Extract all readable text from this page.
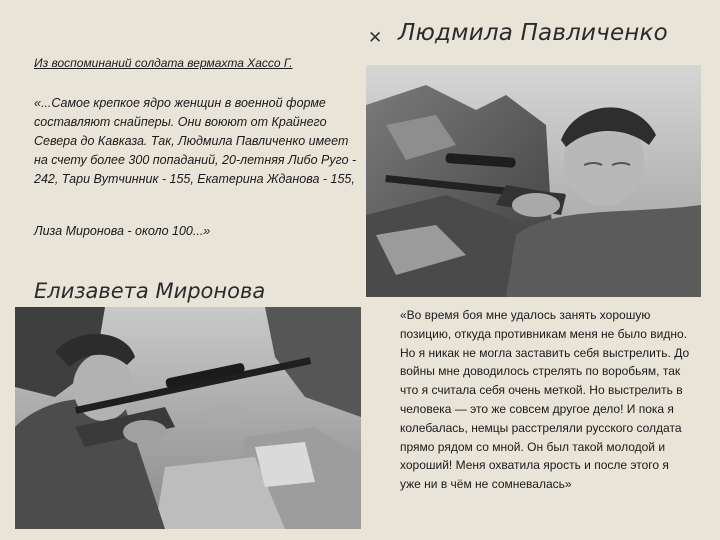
✕ Людмила Павличенко
Из воспоминаний солдата вермахта Хассо Г.
«...Самое крепкое ядро женщин в военной форме составляют снайперы. Они воюют от Крайнего Севера до Кавказа. Так, Людмила Павличенко имеет на счету более 300 попаданий, 20-летняя Либо Руго - 242, Тари Вутчинник - 155, Екатерина Жданова - 155,
Лиза Миронова - около 100...»
Елизавета Миронова
«Во время боя мне удалось занять хорошую позицию, откуда противникам меня не было видно. Но я никак не могла заставить себя выстрелить. До войны мне доводилось стрелять по воробьям, так что я считала себя очень меткой. Но выстрелить в человека — это же совсем другое дело! И пока я колебалась, немцы расстреляли русского солдата прямо рядом со мной. Он был такой молодой и хороший! Меня охватила ярость и после этого я уже ни в чём не сомневалась»
